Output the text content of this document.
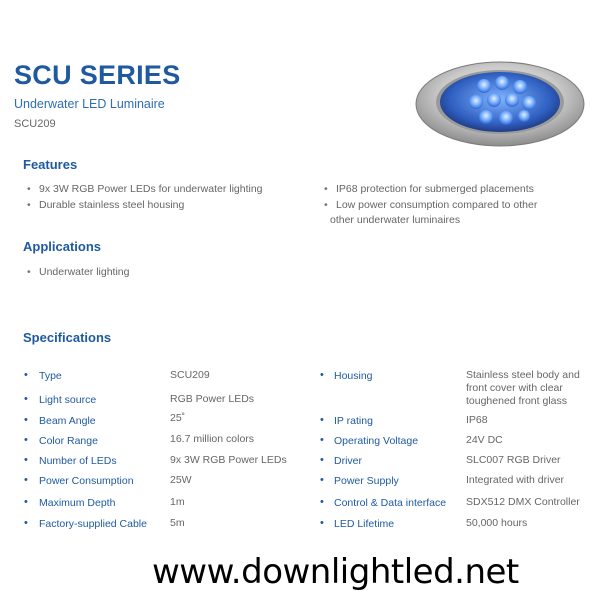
SCU SERIES
Underwater LED Luminaire
SCU209
Features
• 9x 3W RGB Power LEDs for underwater lighting
• Durable stainless steel housing
• IP68 protection for submerged placements
• Low power consumption compared to other
other underwater luminaires
Applications
• Underwater lighting
Specifications
• Type	SCU209
• Light source	RGB Power LEDs
• Beam Angle	25˚
• Color Range	16.7 million colors
• Number of LEDs	9x 3W RGB Power LEDs
• Power Consumption	25W
• Maximum Depth	1m
• Factory-supplied Cable 5m
• Housing	Stainless steel body and
front cover with clear
toughened front glass
• IP rating	IP68
• Operating Voltage	24V DC
• Driver	SLC007 RGB Driver
• Power Supply	Integrated with driver
• Control & Data interface SDX512 DMX Controller
• LED Lifetime	50,000 hours
www.downlightled.net
